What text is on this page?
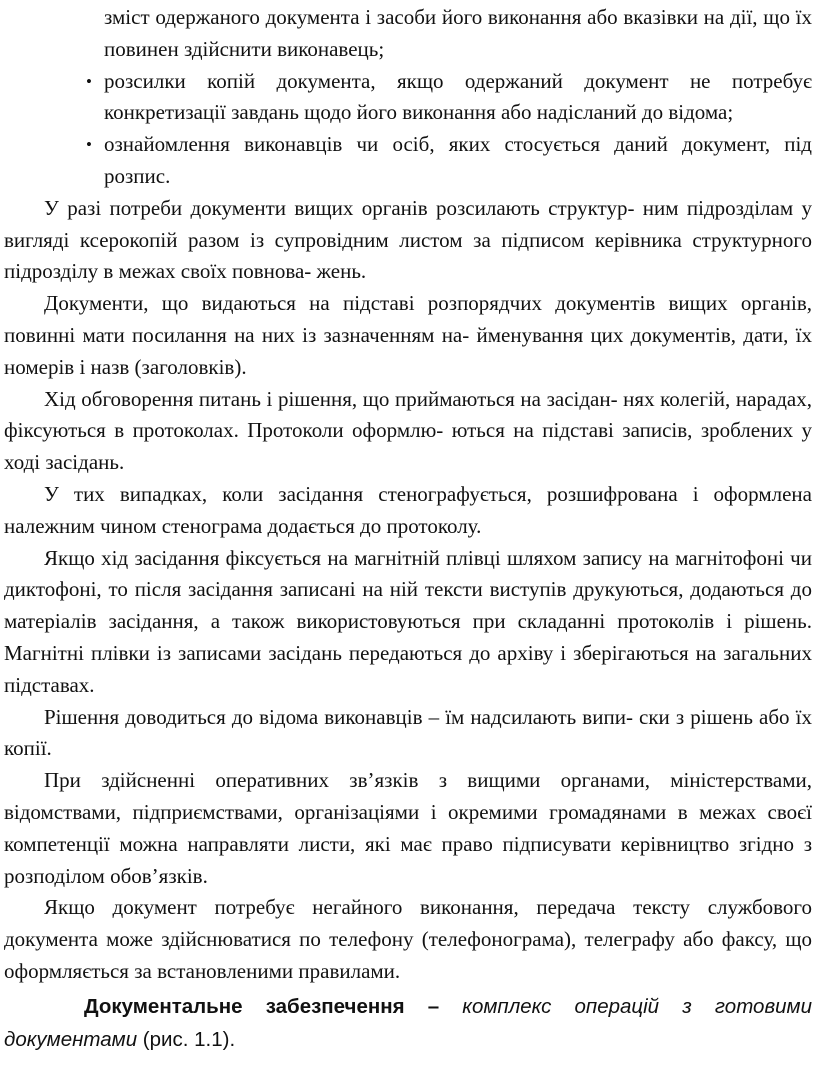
зміст одержаного документа і засоби його виконання або вказівки на дії, що їх повинен здійснити виконавець;

• розсилки копій документа, якщо одержаний документ не потребує конкретизації завдань щодо його виконання або надісланий до відома;

• ознайомлення виконавців чи осіб, яких стосується даний документ, під розпис.

У разі потреби документи вищих органів розсилають структур- ним підрозділам у вигляді ксерокопій разом із супровідним листом за підписом керівника структурного підрозділу в межах своїх повнова- жень.

Документи, що видаються на підставі розпорядчих документів вищих органів, повинні мати посилання на них із зазначенням на- йменування цих документів, дати, їх номерів і назв (заголовків).

Хід обговорення питань і рішення, що приймаються на засідан- нях колегій, нарадах, фіксуються в протоколах. Протоколи оформлю- ються на підставі записів, зроблених у ході засідань.

У тих випадках, коли засідання стенографується, розшифрована і оформлена належним чином стенограма додається до протоколу.

Якщо хід засідання фіксується на магнітній плівці шляхом запису на магнітофоні чи диктофоні, то після засідання записані на ній тексти виступів друкуються, додаються до матеріалів засідання, а також використовуються при складанні протоколів і рішень. Магнітні плівки із записами засідань передаються до архіву і зберігаються на загальних підставах.

Рішення доводиться до відома виконавців – їм надсилають випи- ски з рішень або їх копії.

При здійсненні оперативних зв’язків з вищими органами, міністерствами, відомствами, підприємствами, організаціями і окремими громадянами в межах своєї компетенції можна направляти листи, які має право підписувати керівництво згідно з розподілом обов’язків.

Якщо документ потребує негайного виконання, передача тексту службового документа може здійснюватися по телефону (телефонограма), телеграфу або факсу, що оформляється за встановленими правилами.

Документальне забезпечення – комплекс операцій з готовими документами (рис. 1.1).
